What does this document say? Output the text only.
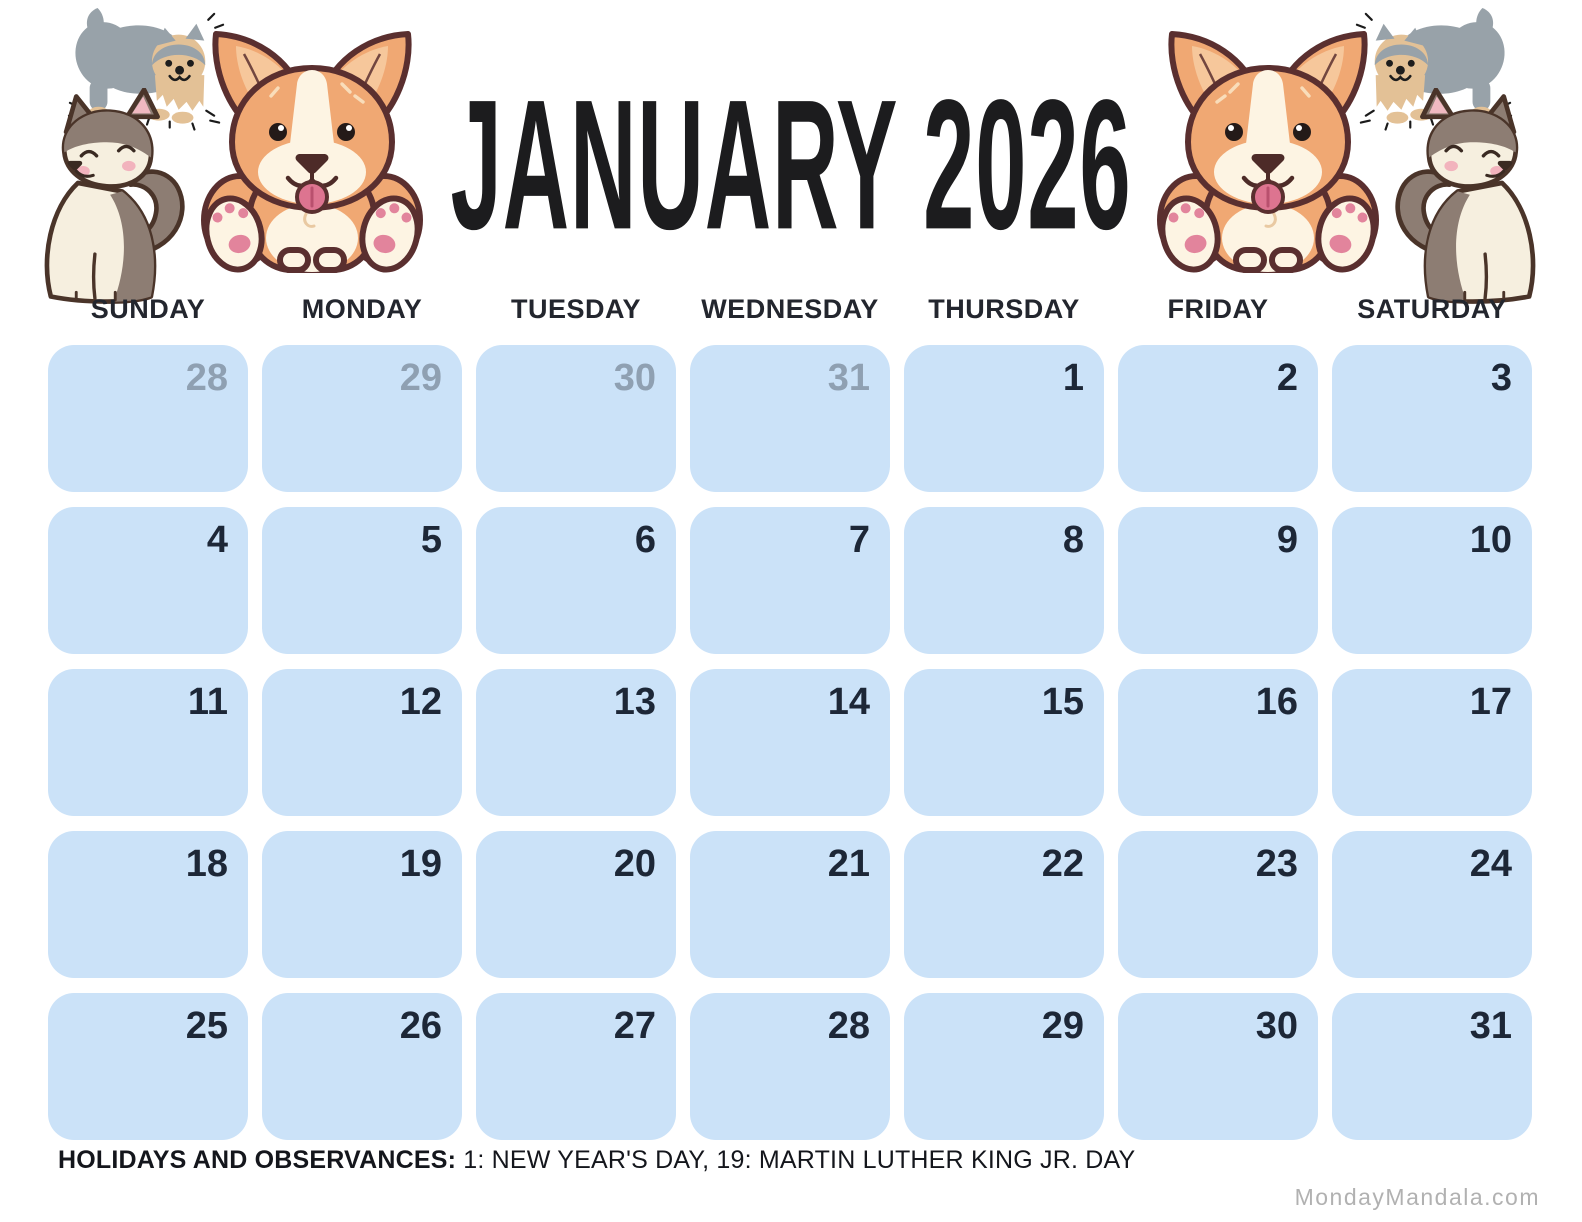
JANUARY 2026
SUNDAY	MONDAY	TUESDAY	WEDNESDAY	THURSDAY	FRIDAY	SATURDAY
28	29	30	31	1	2	3
4	5	6	7	8	9	10
11	12	13	14	15	16	17
18	19	20	21	22	23	24
25	26	27	28	29	30	31
HOLIDAYS AND OBSERVANCES: 1: NEW YEAR'S DAY, 19: MARTIN LUTHER KING JR. DAY
MondayMandala.com
